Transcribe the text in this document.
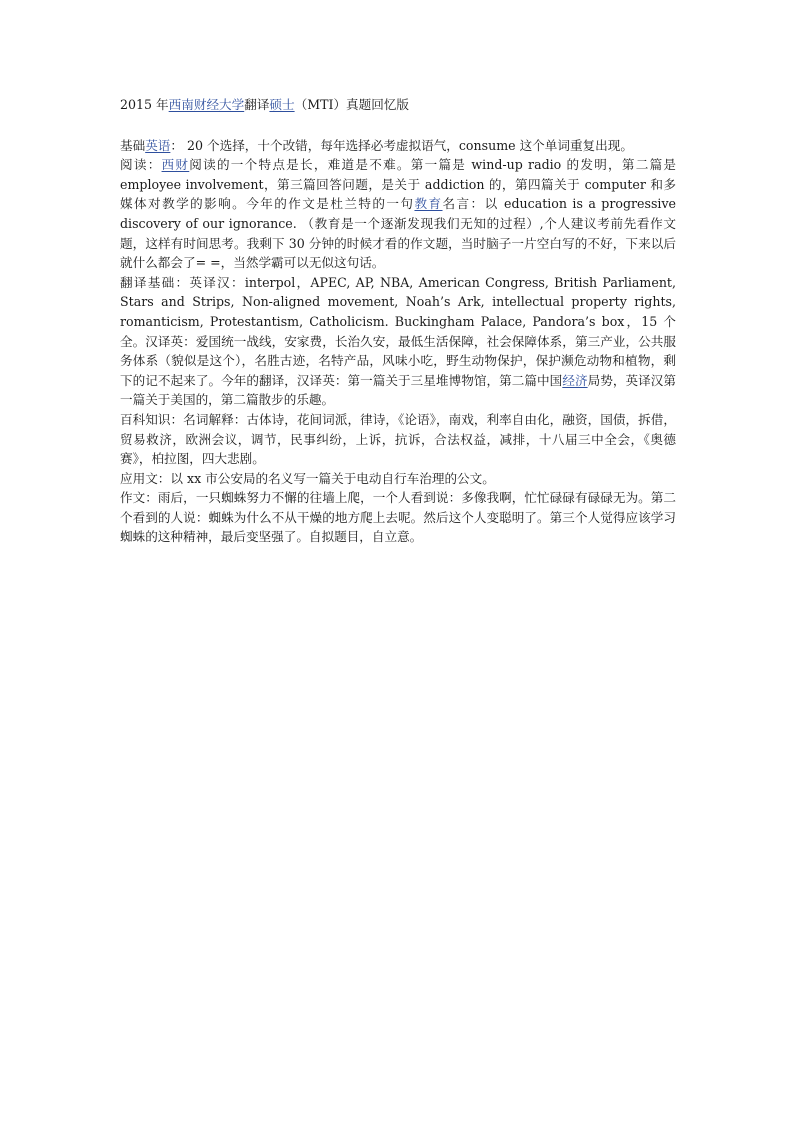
2015 年西南财经大学翻译硕士（MTI）真题回忆版

基础英语： 20 个选择，十个改错，每年选择必考虚拟语气，consume 这个单词重复出现。

阅读：西财阅读的一个特点是长，难道是不难。第一篇是 wind-up radio 的发明，第二篇是 employee involvement，第三篇回答问题，是关于 addiction 的，第四篇关于 computer 和多媒体对教学的影响。今年的作文是杜兰特的一句教育名言：以 education is a progressive discovery of our ignorance. （教育是一个逐渐发现我们无知的过程）,个人建议考前先看作文题，这样有时间思考。我剩下 30 分钟的时候才看的作文题，当时脑子一片空白写的不好，下来以后就什么都会了= =，当然学霸可以无似这句话。

翻译基础：英译汉：interpol，APEC, AP, NBA, American Congress, British Parliament, Stars and Strips, Non-aligned movement, Noah’s Ark, intellectual property rights, romanticism, Protestantism, Catholicism. Buckingham Palace, Pandora’s box，15 个全。汉译英：爱国统一战线，安家费，长治久安，最低生活保障，社会保障体系，第三产业，公共服务体系（貌似是这个），名胜古迹，名特产品，风味小吃，野生动物保护，保护濒危动物和植物，剩下的记不起来了。今年的翻译，汉译英：第一篇关于三星堆博物馆，第二篇中国经济局势，英译汉第一篇关于美国的，第二篇散步的乐趣。

百科知识：名词解释：古体诗，花间词派，律诗，《论语》，南戏，利率自由化，融资，国债，拆借，贸易救济，欧洲会议，调节，民事纠纷，上诉，抗诉，合法权益，减排，十八届三中全会，《奥德赛》，柏拉图，四大悲剧。

应用文：以 xx 市公安局的名义写一篇关于电动自行车治理的公文。

作文：雨后，一只蜘蛛努力不懈的往墙上爬，一个人看到说：多像我啊，忙忙碌碌有碌碌无为。第二个看到的人说：蜘蛛为什么不从干燥的地方爬上去呢。然后这个人变聪明了。第三个人觉得应该学习蜘蛛的这种精神，最后变坚强了。自拟题目，自立意。
